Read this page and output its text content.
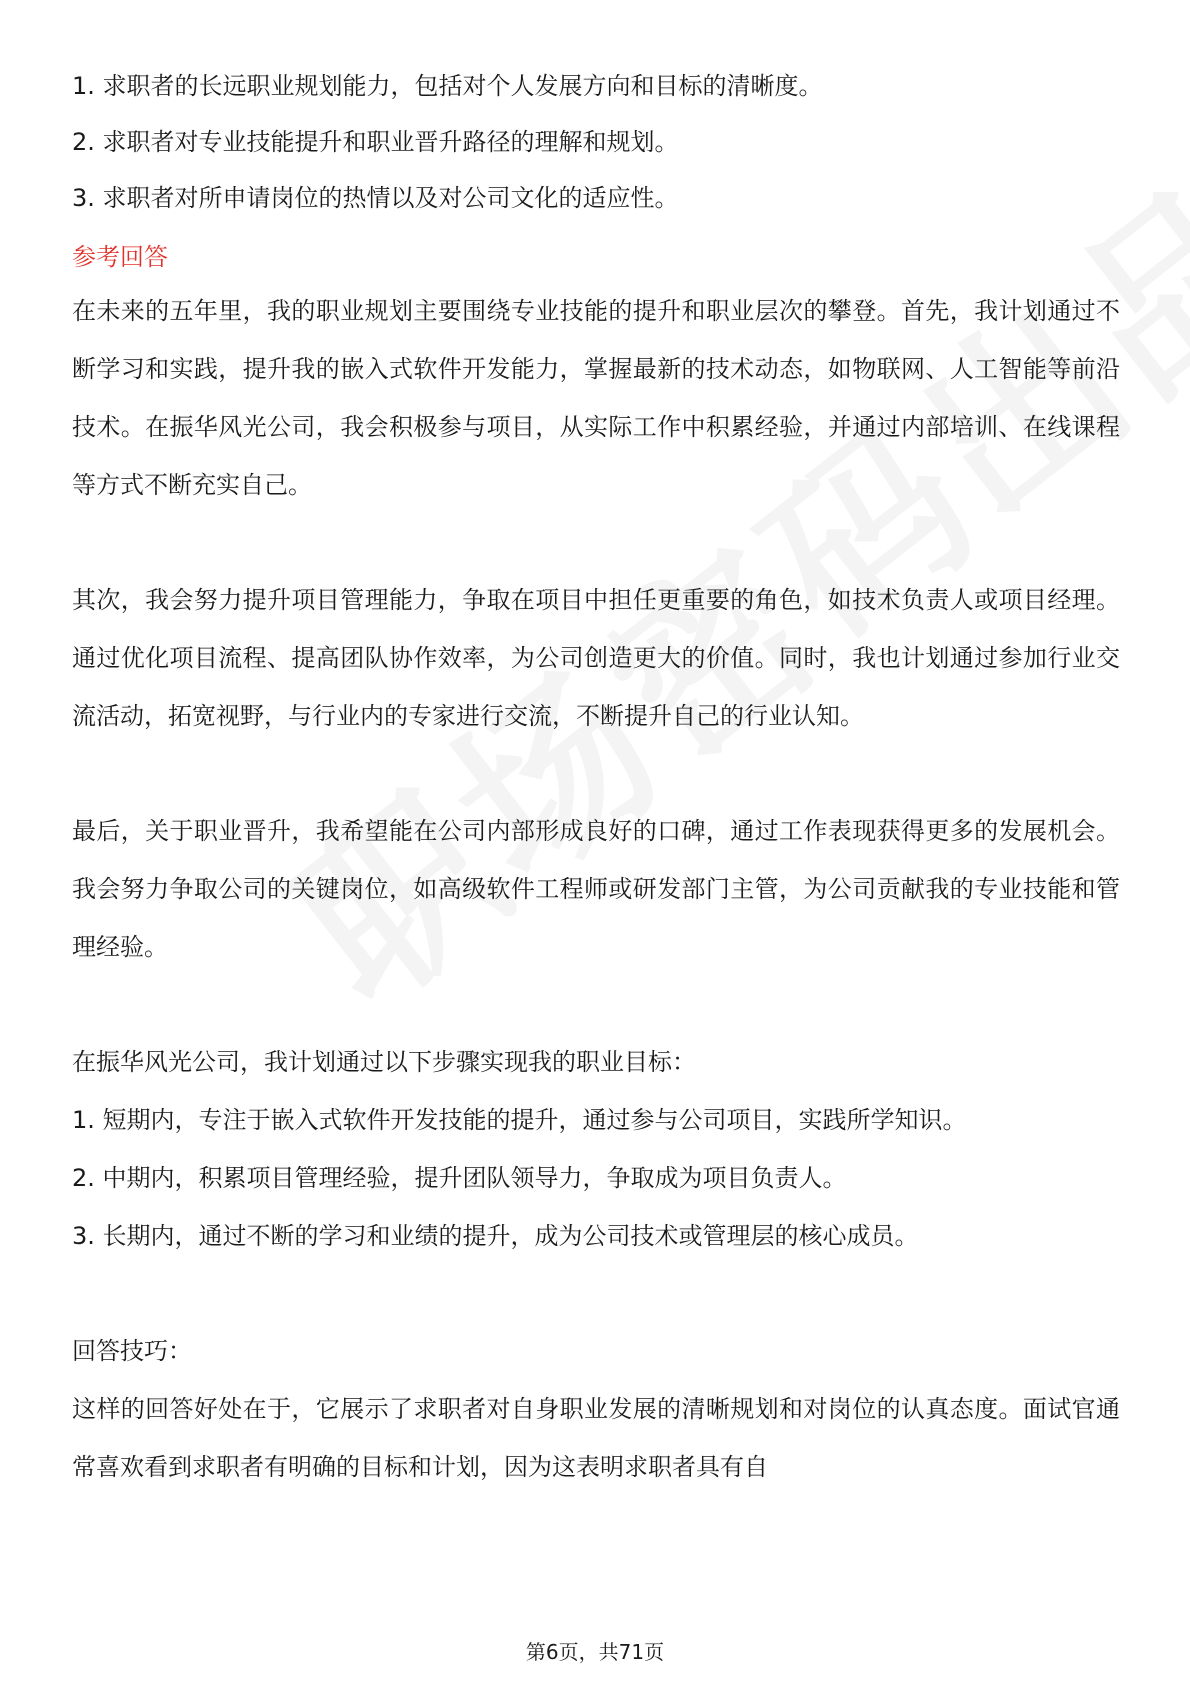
1. 求职者的长远职业规划能力，包括对个人发展方向和目标的清晰度。

2. 求职者对专业技能提升和职业晋升路径的理解和规划。

3. 求职者对所申请岗位的热情以及对公司文化的适应性。

参考回答

在未来的五年里，我的职业规划主要围绕专业技能的提升和职业层次的攀登。首先，我计划通过不断学习和实践，提升我的嵌入式软件开发能力，掌握最新的技术动态，如物联网、人工智能等前沿技术。在振华风光公司，我会积极参与项目，从实际工作中积累经验，并通过内部培训、在线课程等方式不断充实自己。

其次，我会努力提升项目管理能力，争取在项目中担任更重要的角色，如技术负责人或项目经理。通过优化项目流程、提高团队协作效率，为公司创造更大的价值。同时，我也计划通过参加行业交流活动，拓宽视野，与行业内的专家进行交流，不断提升自己的行业认知。

最后，关于职业晋升，我希望能在公司内部形成良好的口碑，通过工作表现获得更多的发展机会。我会努力争取公司的关键岗位，如高级软件工程师或研发部门主管，为公司贡献我的专业技能和管理经验。

在振华风光公司，我计划通过以下步骤实现我的职业目标：

1. 短期内，专注于嵌入式软件开发技能的提升，通过参与公司项目，实践所学知识。

2. 中期内，积累项目管理经验，提升团队领导力，争取成为项目负责人。

3. 长期内，通过不断的学习和业绩的提升，成为公司技术或管理层的核心成员。

回答技巧：

这样的回答好处在于，它展示了求职者对自身职业发展的清晰规划和对岗位的认真态度。面试官通常喜欢看到求职者有明确的目标和计划，因为这表明求职者具有自

第6页，共71页
